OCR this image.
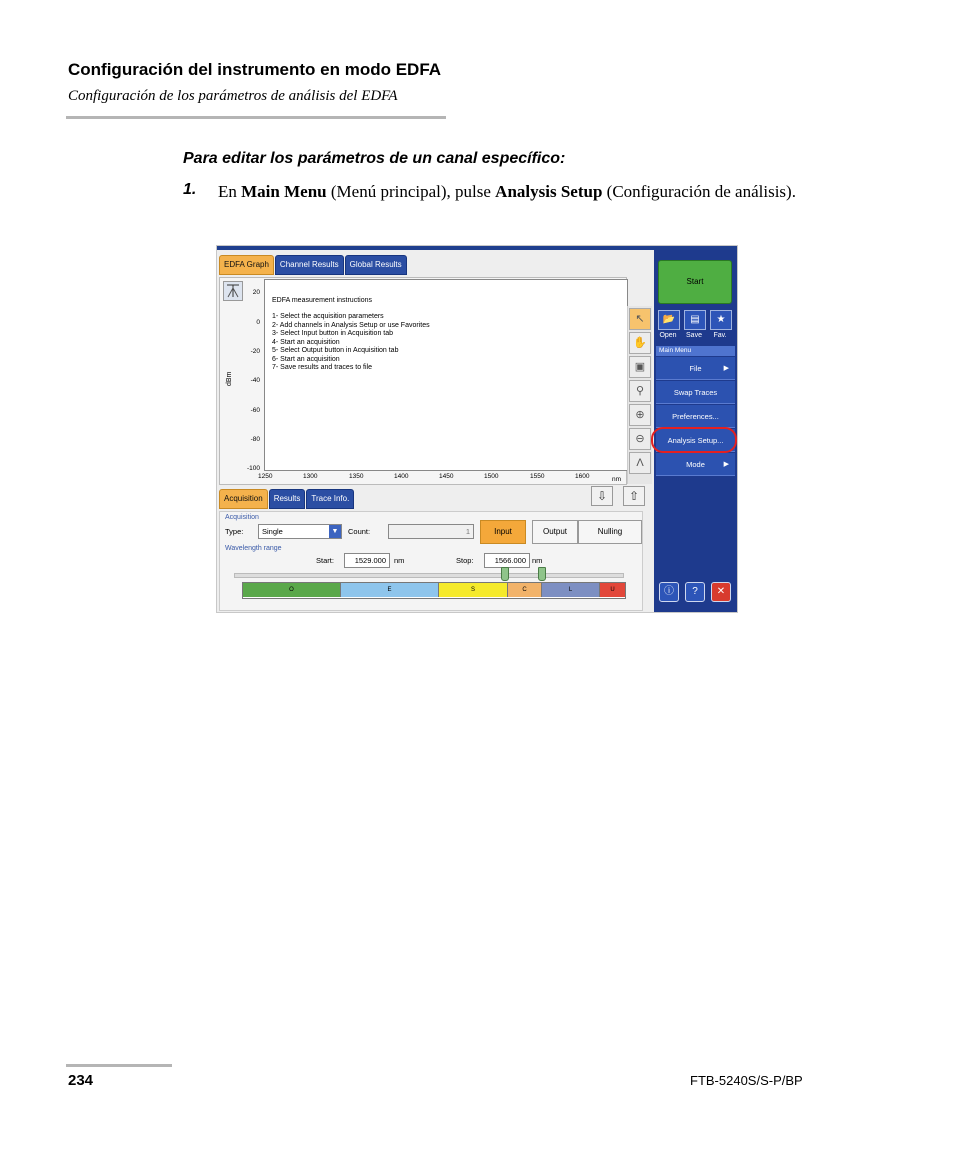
Configuración del instrumento en modo EDFA
Configuración de los parámetros de análisis del EDFA
Para editar los parámetros de un canal específico:
1. En Main Menu (Menú principal), pulse Analysis Setup (Configuración de análisis).
EDFA Graph	Channel Results	Global Results
EDFA measurement instructions
1- Select the acquisition parameters
2- Add channels in Analysis Setup or use Favorites
3- Select Input button in Acquisition tab
4- Start an acquisition
5- Select Output button in Acquisition tab
6- Start an acquisition
7- Save results and traces to file
dBm
20
0
-20
-40
-60
-80
-100
1250	1300	1350	1400	1450	1500	1550	1600	nm
↖
✋
▣
⚲
⊕
⊖
Λ
Acquisition	Results	Trace Info.	⇩	⇧
Acquisition
Type:	Single	▼	Count:	1	Input	Output	Nulling
Wavelength range
Start:	1529.000	nm	Stop:	1566.000 nm
O	E	S	C	L	U
Start
📂	▤	★
Open	Save	Fav.
Main Menu
File	▶
Swap Traces
Preferences...
Analysis Setup...
Mode	▶
ⓘ	?	✕
234	FTB-5240S/S-P/BP
